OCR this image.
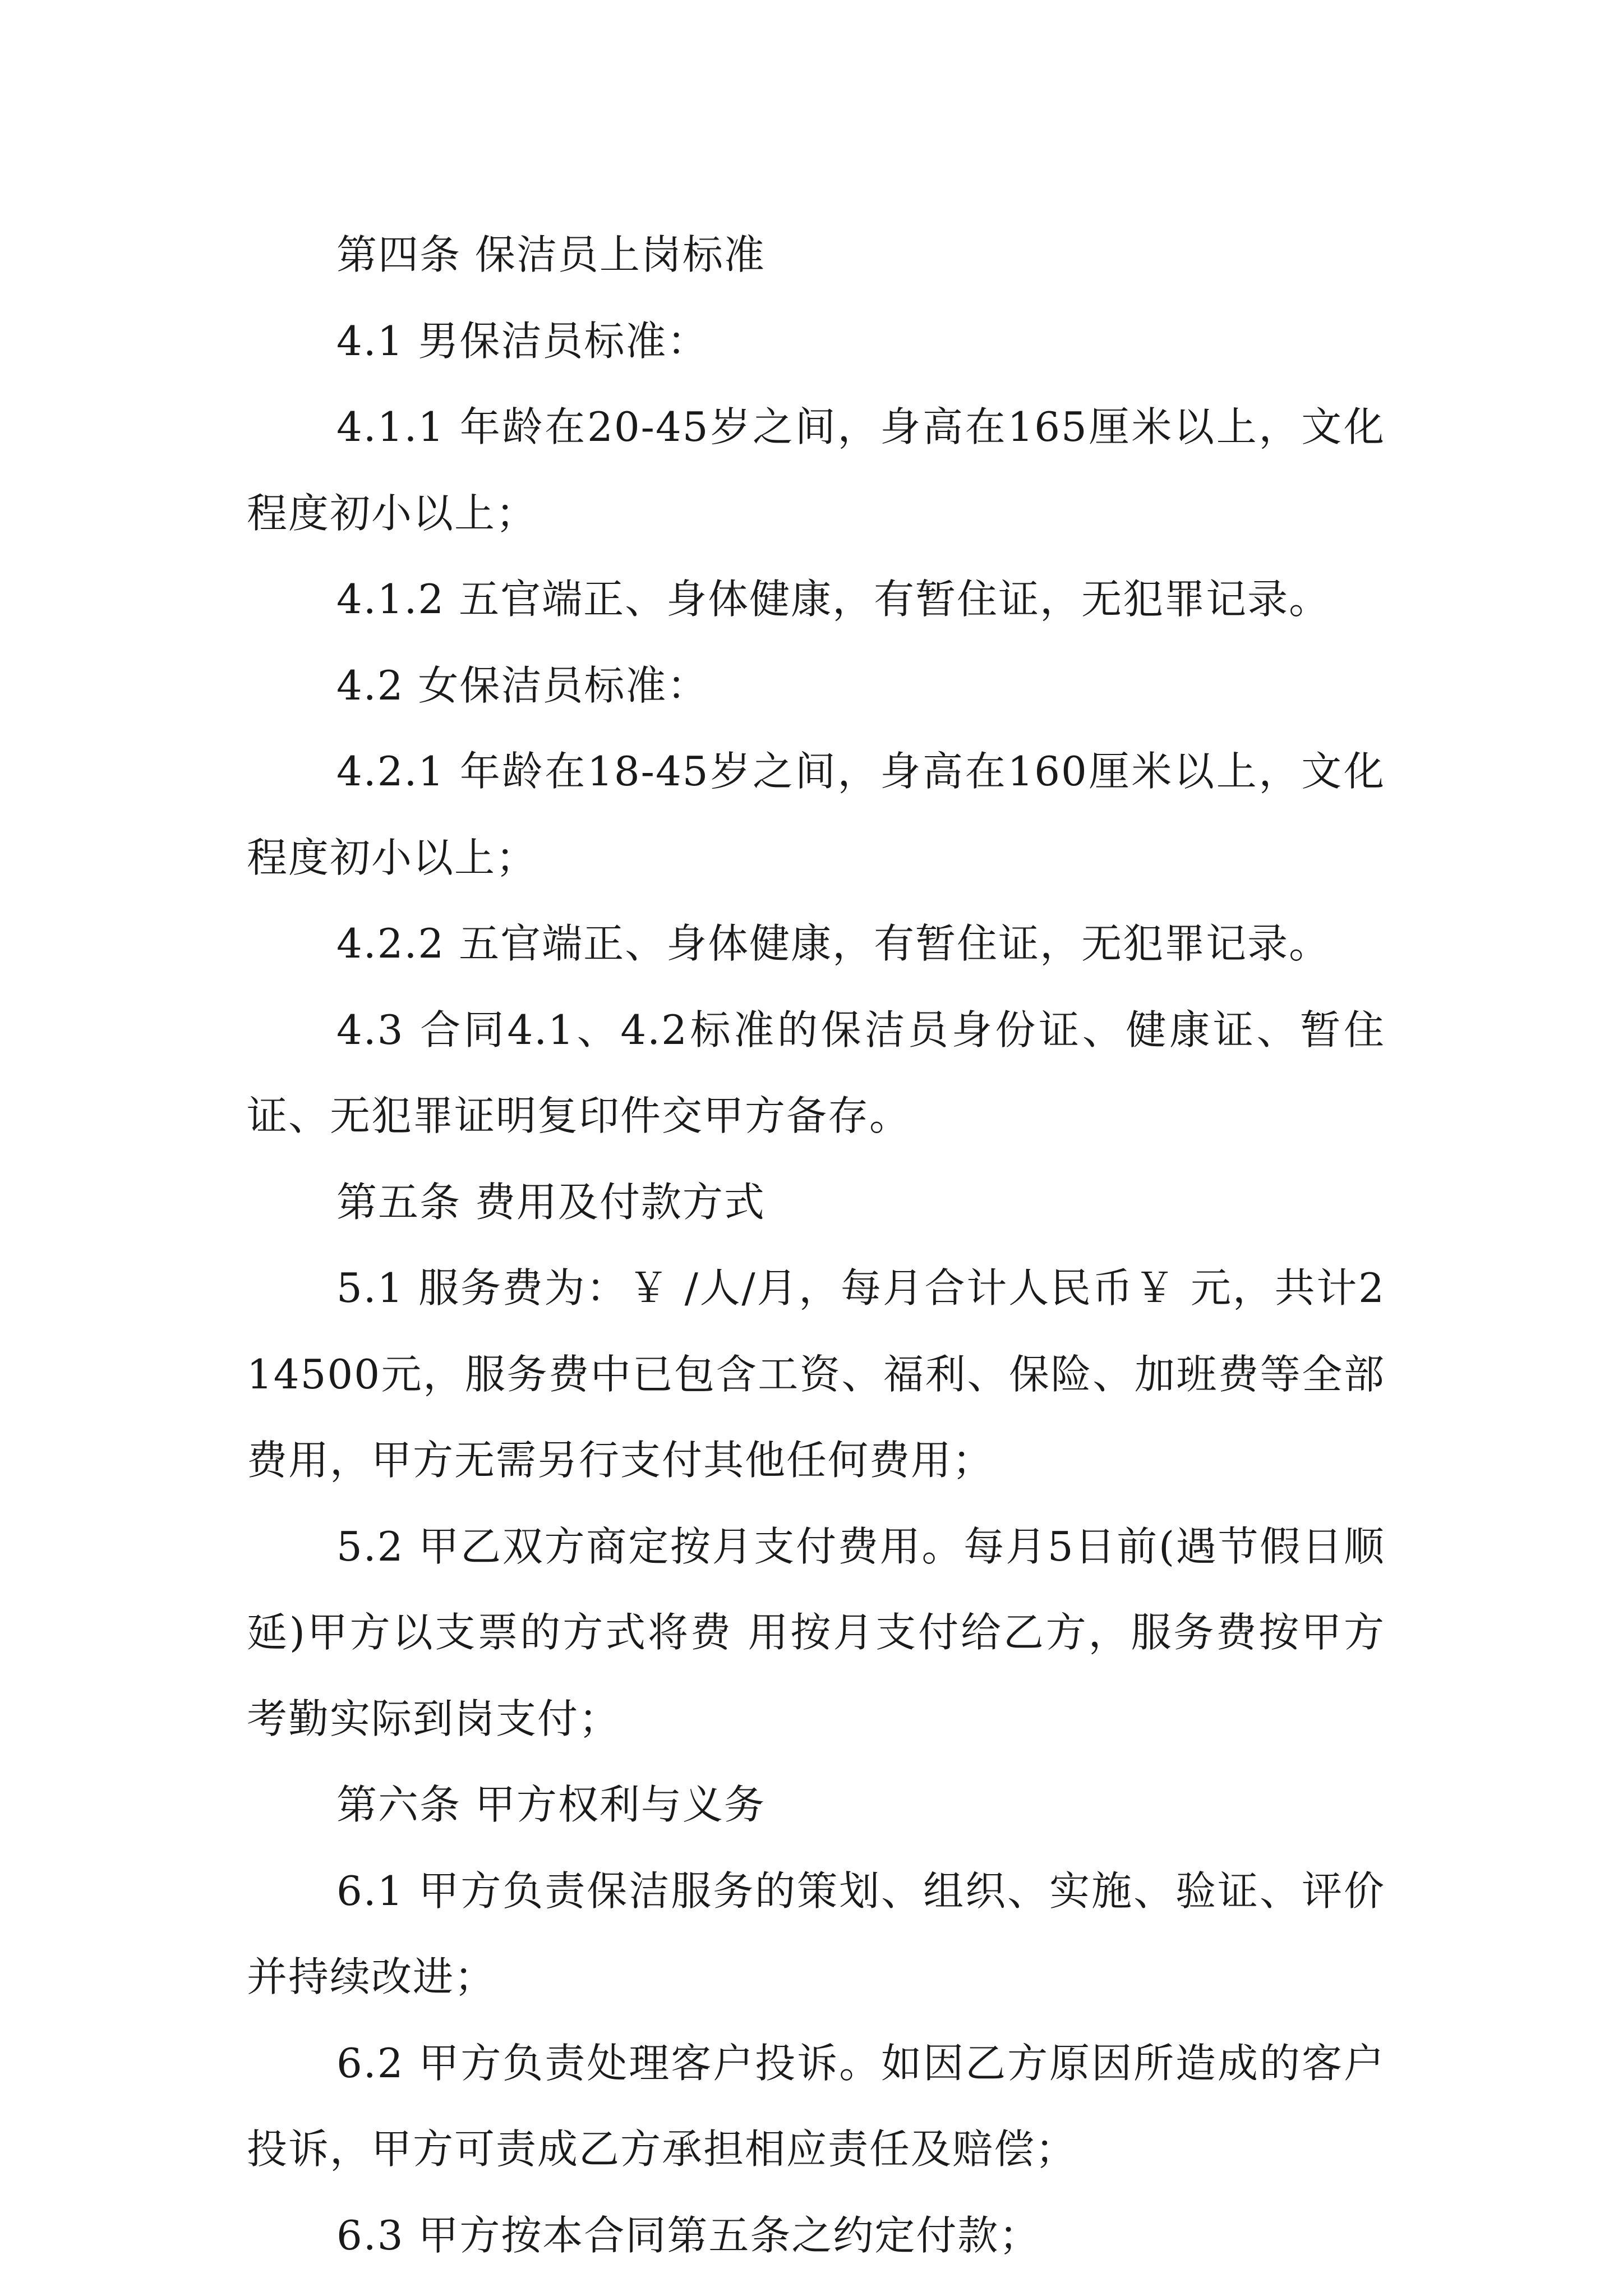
第四条 保洁员上岗标准

4.1 男保洁员标准：

4.1.1 年龄在20-45岁之间，身高在165厘米以上，文化程度初小以上；

4.1.2 五官端正、身体健康，有暂住证，无犯罪记录。

4.2 女保洁员标准：

4.2.1 年龄在18-45岁之间，身高在160厘米以上，文化程度初小以上；

4.2.2 五官端正、身体健康，有暂住证，无犯罪记录。

4.3 合同4.1、4.2标准的保洁员身份证、健康证、暂住证、无犯罪证明复印件交甲方备存。

第五条 费用及付款方式

5.1 服务费为：￥ /人/月，每月合计人民币￥ 元，共计214500元，服务费中已包含工资、福利、保险、加班费等全部费用，甲方无需另行支付其他任何费用；

5.2 甲乙双方商定按月支付费用。每月5日前(遇节假日顺延)甲方以支票的方式将费 用按月支付给乙方，服务费按甲方考勤实际到岗支付；

第六条 甲方权利与义务

6.1 甲方负责保洁服务的策划、组织、实施、验证、评价并持续改进；

6.2 甲方负责处理客户投诉。如因乙方原因所造成的客户投诉，甲方可责成乙方承担相应责任及赔偿；

6.3 甲方按本合同第五条之约定付款；
